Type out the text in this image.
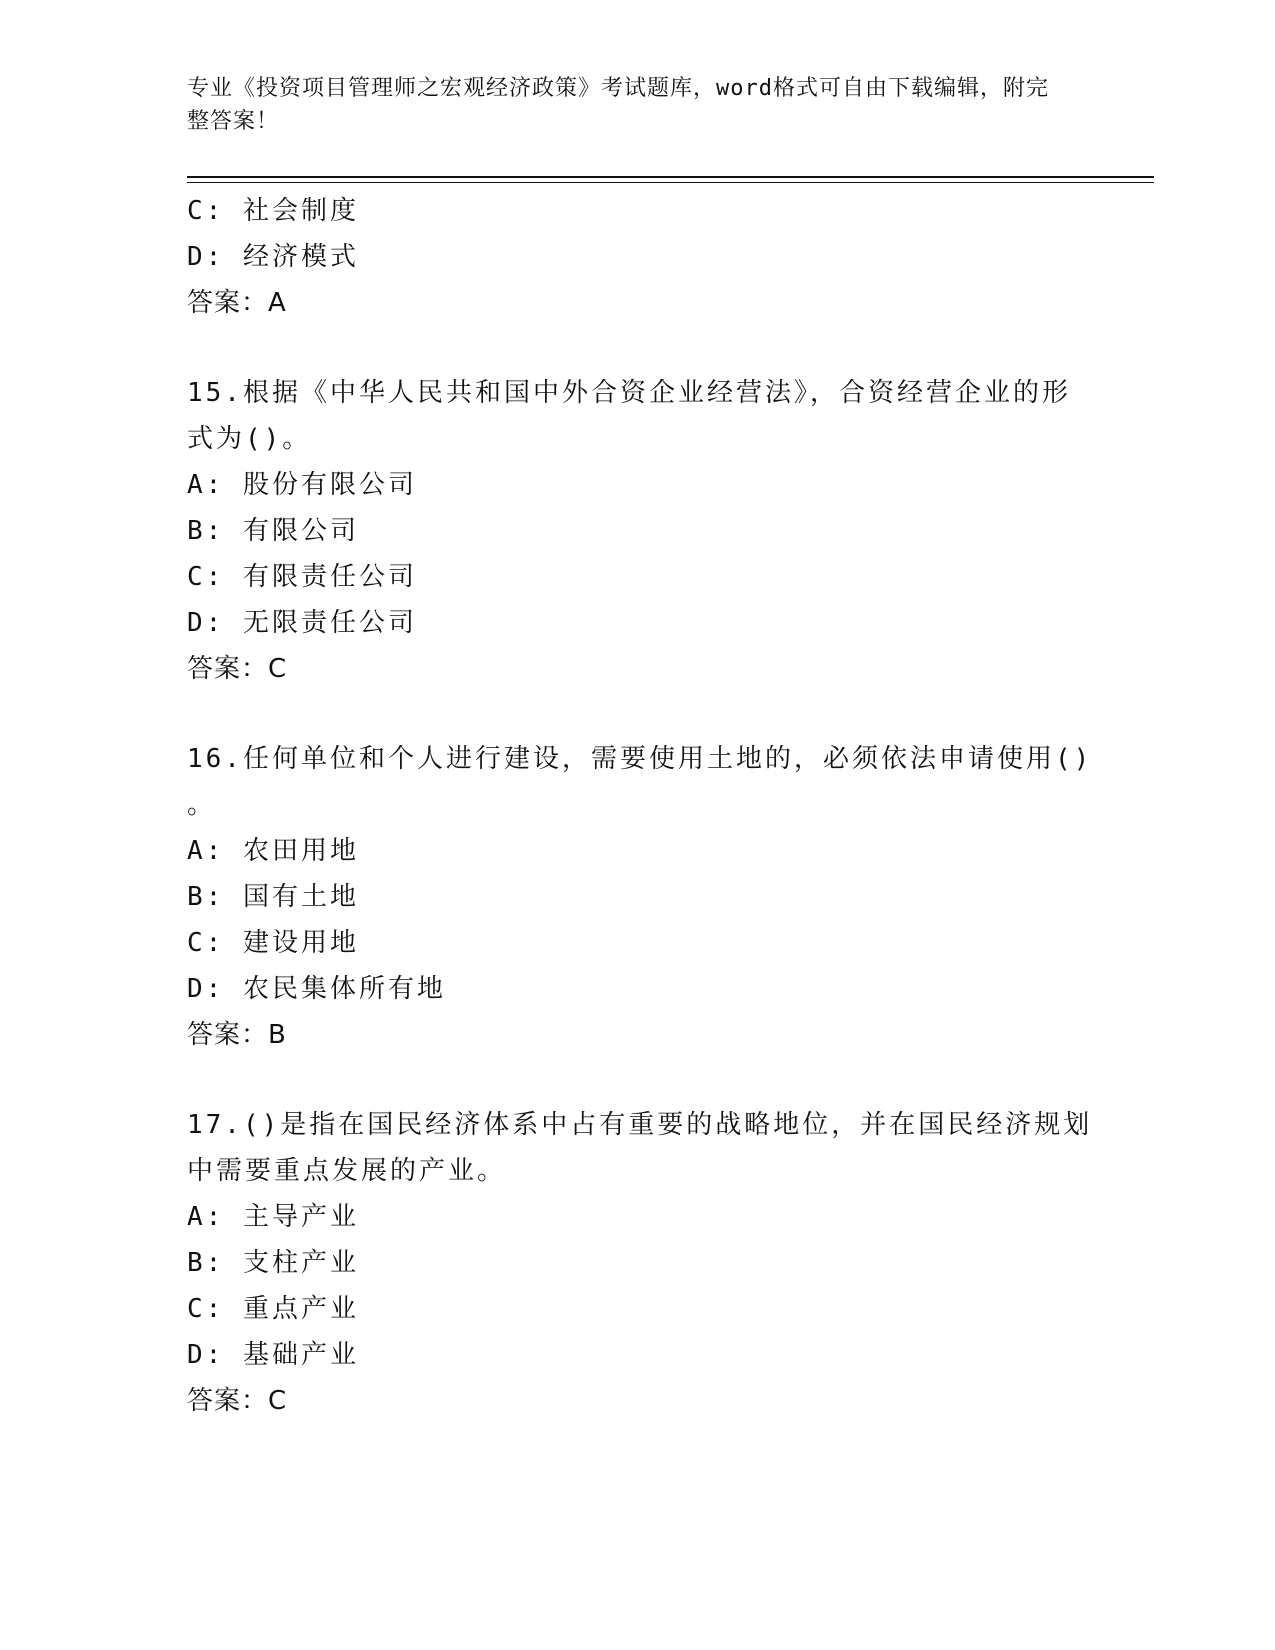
专业《投资项目管理师之宏观经济政策》考试题库，word格式可自由下载编辑，附完整答案！
C: 社会制度
D: 经济模式
答案：A
15.根据《中华人民共和国中外合资企业经营法》，合资经营企业的形
式为()。
A: 股份有限公司
B: 有限公司
C: 有限责任公司
D: 无限责任公司
答案：C
16.任何单位和个人进行建设，需要使用土地的，必须依法申请使用()
。
A: 农田用地
B: 国有土地
C: 建设用地
D: 农民集体所有地
答案：B
17.()是指在国民经济体系中占有重要的战略地位，并在国民经济规划
中需要重点发展的产业。
A: 主导产业
B: 支柱产业
C: 重点产业
D: 基础产业
答案：C
